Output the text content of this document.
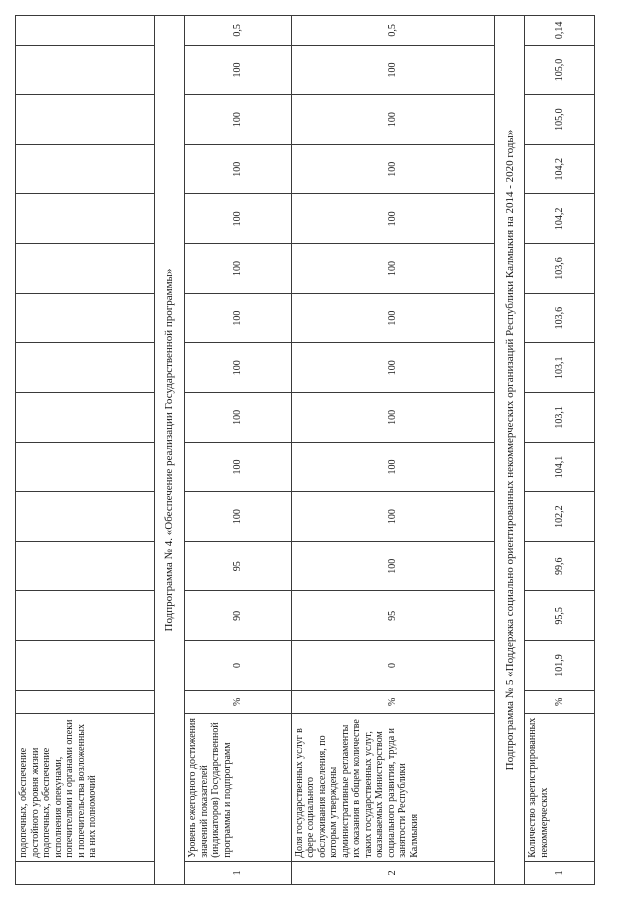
	подопечных, обеспечение достойного уровня жизни подопечных, обеспечение исполнения опекунами, попечителями и органами опеки и попечительства возложенных на них полномочий															
Подпрограмма № 4. «Обеспечение реализации Государственной программы»																
1	Уровень ежегодного достижения значений показателей (индикаторов) Государственной программы и подпрограмм	%	0	90	95	100	100	100	100	100	100	100	100	100	100	0,5
2	Доля государственных услуг в сфере социального обслуживания населения, по которым утверждены административные регламенты их оказания в общем количестве таких государственных услуг, оказываемых Министерством социального развития, труда и занятости Республики Калмыкия	%	0	95	100	100	100	100	100	100	100	100	100	100	100	0,5
Подпрограмма № 5 «Поддержка социально ориентированных некоммерческих организаций Республики Калмыкия на 2014 - 2020 годы»																
1	Количество зарегистрированных некоммерческих	%	101,9	95,5	99,6	102,2	104,1	103,1	103,1	103,6	103,6	104,2	104,2	105,0	105,0	0,14
